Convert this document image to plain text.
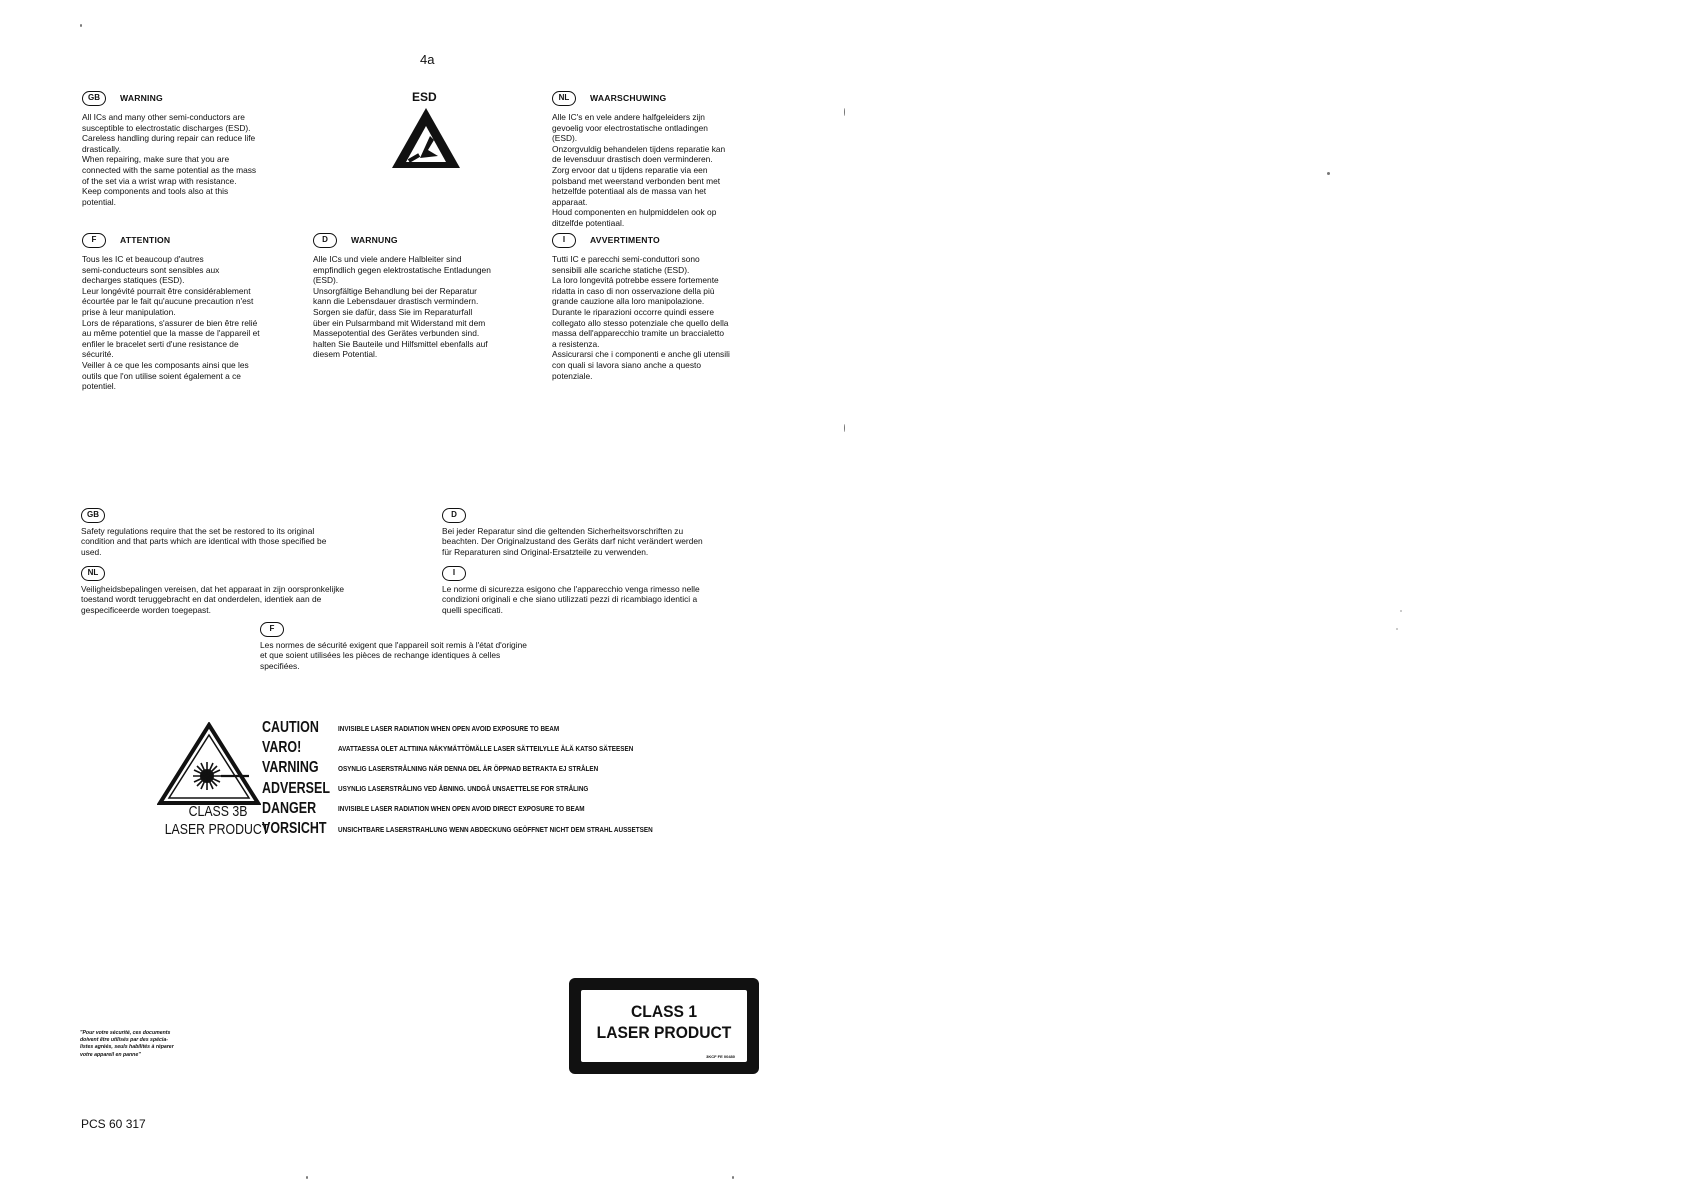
4a
ESD
GB	WARNING
All ICs and many other semi-conductors are
susceptible to electrostatic discharges (ESD).
Careless handling during repair can reduce life
drastically.
When repairing, make sure that you are
connected with the same potential as the mass
of the set via a wrist wrap with resistance.
Keep components and tools also at this
potential.
NL	WAARSCHUWING
Alle IC's en vele andere halfgeleiders zijn
gevoelig voor electrostatische ontladingen
(ESD).
Onzorgvuldig behandelen tijdens reparatie kan
de levensduur drastisch doen verminderen.
Zorg ervoor dat u tijdens reparatie via een
polsband met weerstand verbonden bent met
hetzelfde potentiaal als de massa van het
apparaat.
Houd componenten en hulpmiddelen ook op
ditzelfde potentiaal.
F	ATTENTION
Tous les IC et beaucoup d'autres
semi-conducteurs sont sensibles aux
decharges statiques (ESD).
Leur longévité pourrait être considérablement
écourtée par le fait qu'aucune precaution n'est
prise à leur manipulation.
Lors de réparations, s'assurer de bien être relié
au même potentiel que la masse de l'appareil et
enfiler le bracelet serti d'une resistance de
sécurité.
Veiller à ce que les composants ainsi que les
outils que l'on utilise soient également a ce
potentiel.
D	WARNUNG
Alle ICs und viele andere Halbleiter sind
empfindlich gegen elektrostatische Entladungen
(ESD).
Unsorgfältige Behandlung bei der Reparatur
kann die Lebensdauer drastisch vermindern.
Sorgen sie dafür, dass Sie im Reparaturfall
über ein Pulsarmband mit Widerstand mit dem
Massepotential des Gerätes verbunden sind.
halten Sie Bauteile und Hilfsmittel ebenfalls auf
diesem Potential.
I	AVVERTIMENTO
Tutti IC e parecchi semi-conduttori sono
sensibili alle scariche statiche (ESD).
La loro longevitá potrebbe essere fortemente
ridatta in caso di non osservazione della più
grande cauzione alla loro manipolazione.
Durante le riparazioni occorre quindi essere
collegato allo stesso potenziale che quello della
massa dell'apparecchio tramite un braccialetto
a resistenza.
Assicurarsi che i componenti e anche gli utensili
con quali si lavora siano anche a questo
potenziale.
GB
Safety regulations require that the set be restored to its original
condition and that parts which are identical with those specified be
used.
D
Bei jeder Reparatur sind die geltenden Sicherheitsvorschriften zu
beachten. Der Originalzustand des Geräts darf nicht verändert werden
für Reparaturen sind Original-Ersatzteile zu verwenden.
NL
Veiligheidsbepalingen vereisen, dat het apparaat in zijn oorspronkelijke
toestand wordt teruggebracht en dat onderdelen, identiek aan de
gespecificeerde worden toegepast.
I
Le norme di sicurezza esigono che l'apparecchio venga rimesso nelle
condizioni originali e che siano utilizzati pezzi di ricambiago identici a
quelli specificati.
F
Les normes de sécurité exigent que l'appareil soit remis à l'état d'origine
et que soient utilisées les pièces de rechange identiques à celles
specifiées.
CLASS 3B
LASER PRODUCT
CAUTION	INVISIBLE LASER RADIATION WHEN OPEN AVOID EXPOSURE TO BEAM
VARO!	AVATTAESSA OLET ALTTIINA NÄKYMÄTTÖMÄLLE LASER SÄTTEILYLLE ÄLÄ KATSO SÄTEESEN
VARNING	OSYNLIG LASERSTRÅLNING NÄR DENNA DEL ÄR ÖPPNAD BETRAKTA EJ STRÅLEN
ADVERSEL USYNLIG LASERSTRÅLING VED ÅBNING. UNDGÅ UNSAETTELSE FOR STRÅLING
DANGER	INVISIBLE LASER RADIATION WHEN OPEN AVOID DIRECT EXPOSURE TO BEAM
VORSICHT UNSICHTBARE LASERSTRAHLUNG WENN ABDECKUNG GEÖFFNET NICHT DEM STRAHL AUSSETSEN
CLASS 1
LASER PRODUCT
3KCF FE 00480
"Pour votre sécurité, ces documents
doivent être utilisés par des spécia-
listes agréés, seuls habilités à réparer
votre appareil en panne"
PCS 60 317
